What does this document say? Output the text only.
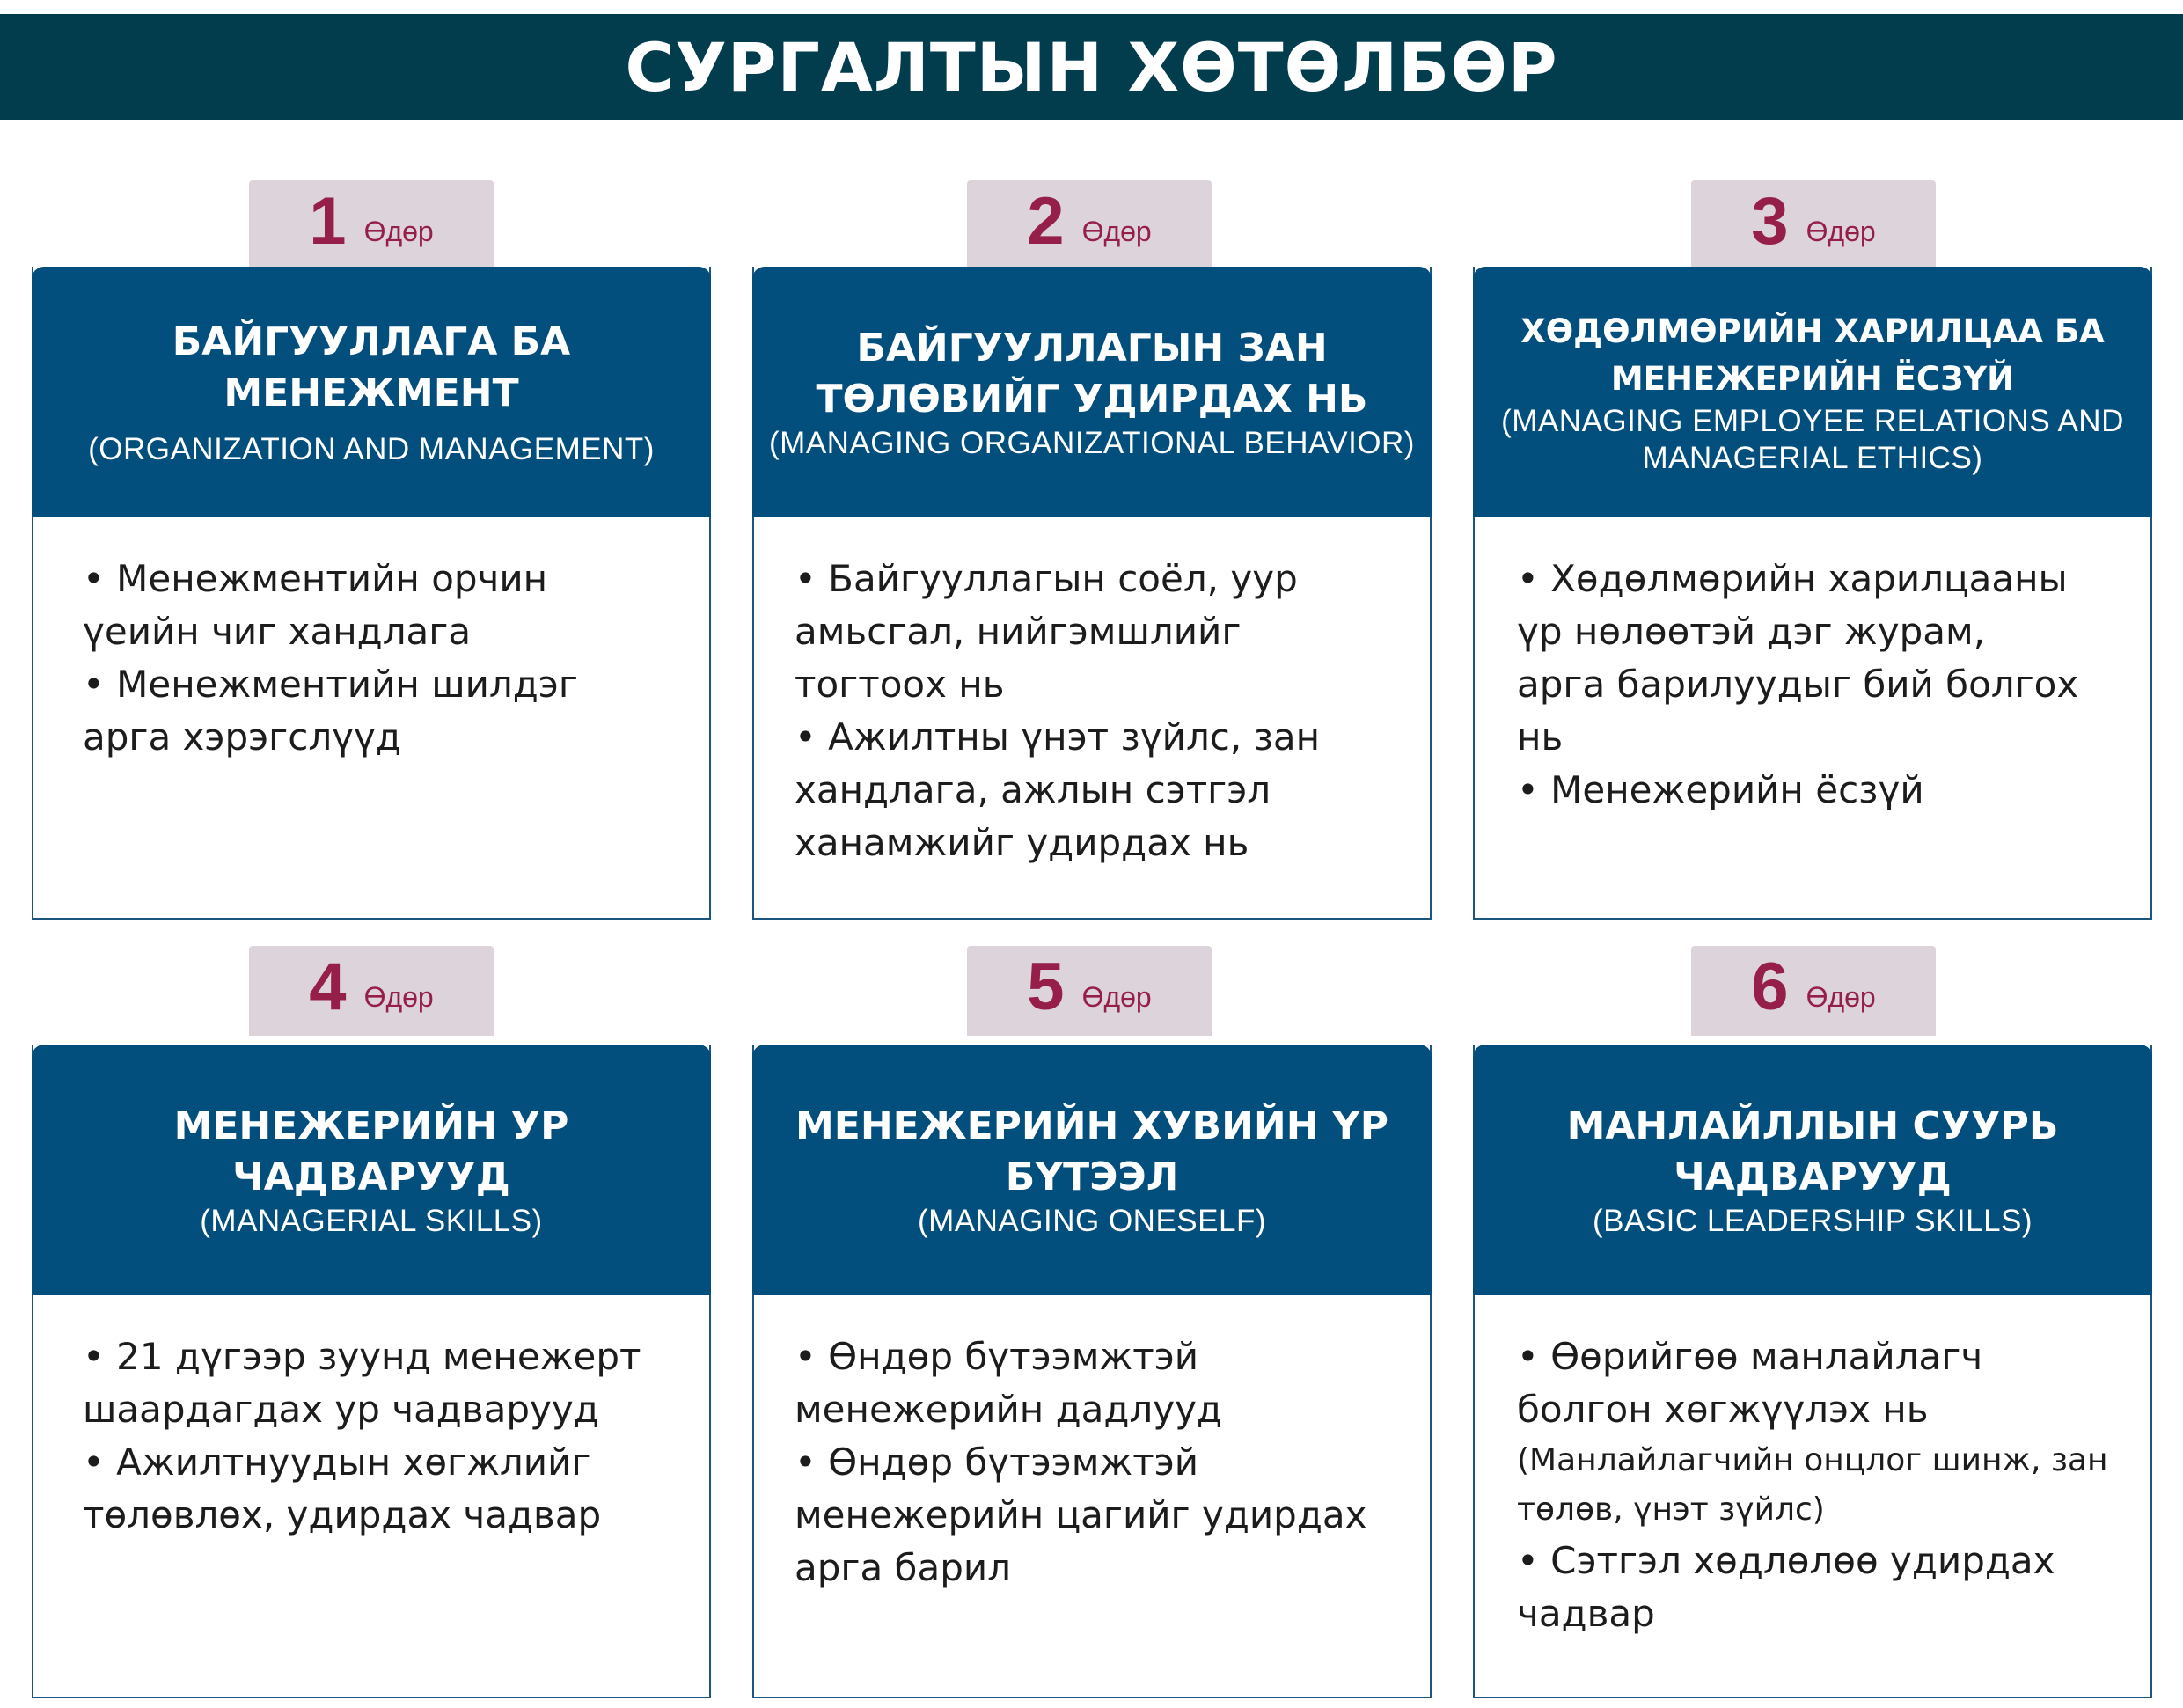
СУРГАЛТЫН ХӨТӨЛБӨР
1 Өдөр	2 Өдөр	3 Өдөр
БАЙГУУЛЛАГА БА
МЕНЕЖМЕНТ
(ORGANIZATION AND MANAGEMENT)

• Менежментийн орчин

үеийн чиг хандлага

• Менежментийн шилдэг

арга хэрэгслүүд

БАЙГУУЛЛАГЫН ЗАН
ТӨЛӨВИЙГ УДИРДАХ НЬ
(MANAGING ORGANIZATIONAL BEHAVIOR)

• Байгууллагын соёл, уур

амьсгал, нийгэмшлийг

тогтоох нь

• Ажилтны үнэт зүйлс, зан

хандлага, ажлын сэтгэл

ханамжийг удирдах нь

ХӨДӨЛМӨРИЙН ХАРИЛЦАА БА
МЕНЕЖЕРИЙН ЁСЗҮЙ
(MANAGING EMPLOYEE RELATIONS AND
MANAGERIAL ETHICS)

• Хөдөлмөрийн харилцааны

үр нөлөөтэй дэг журам,

арга барилуудыг бий болгох

нь

• Менежерийн ёсзүй

4 Өдөр	5 Өдөр	6 Өдөр
МЕНЕЖЕРИЙН УР
ЧАДВАРУУД
(MANAGERIAL SKILLS)

• 21 дүгээр зуунд менежерт

шаардагдах ур чадварууд

• Ажилтнуудын хөгжлийг

төлөвлөх, удирдах чадвар

МЕНЕЖЕРИЙН ХУВИЙН ҮР
БҮТЭЭЛ
(MANAGING ONESELF)

• Өндөр бүтээмжтэй

менежерийн дадлууд

• Өндөр бүтээмжтэй

менежерийн цагийг удирдах

арга барил

МАНЛАЙЛЛЫН СУУРЬ
ЧАДВАРУУД
(BASIC LEADERSHIP SKILLS)

• Өөрийгөө манлайлагч

болгон хөгжүүлэх нь

(Манлайлагчийн онцлог шинж, зан

төлөв, үнэт зүйлс)

• Сэтгэл хөдлөлөө удирдах

чадвар
